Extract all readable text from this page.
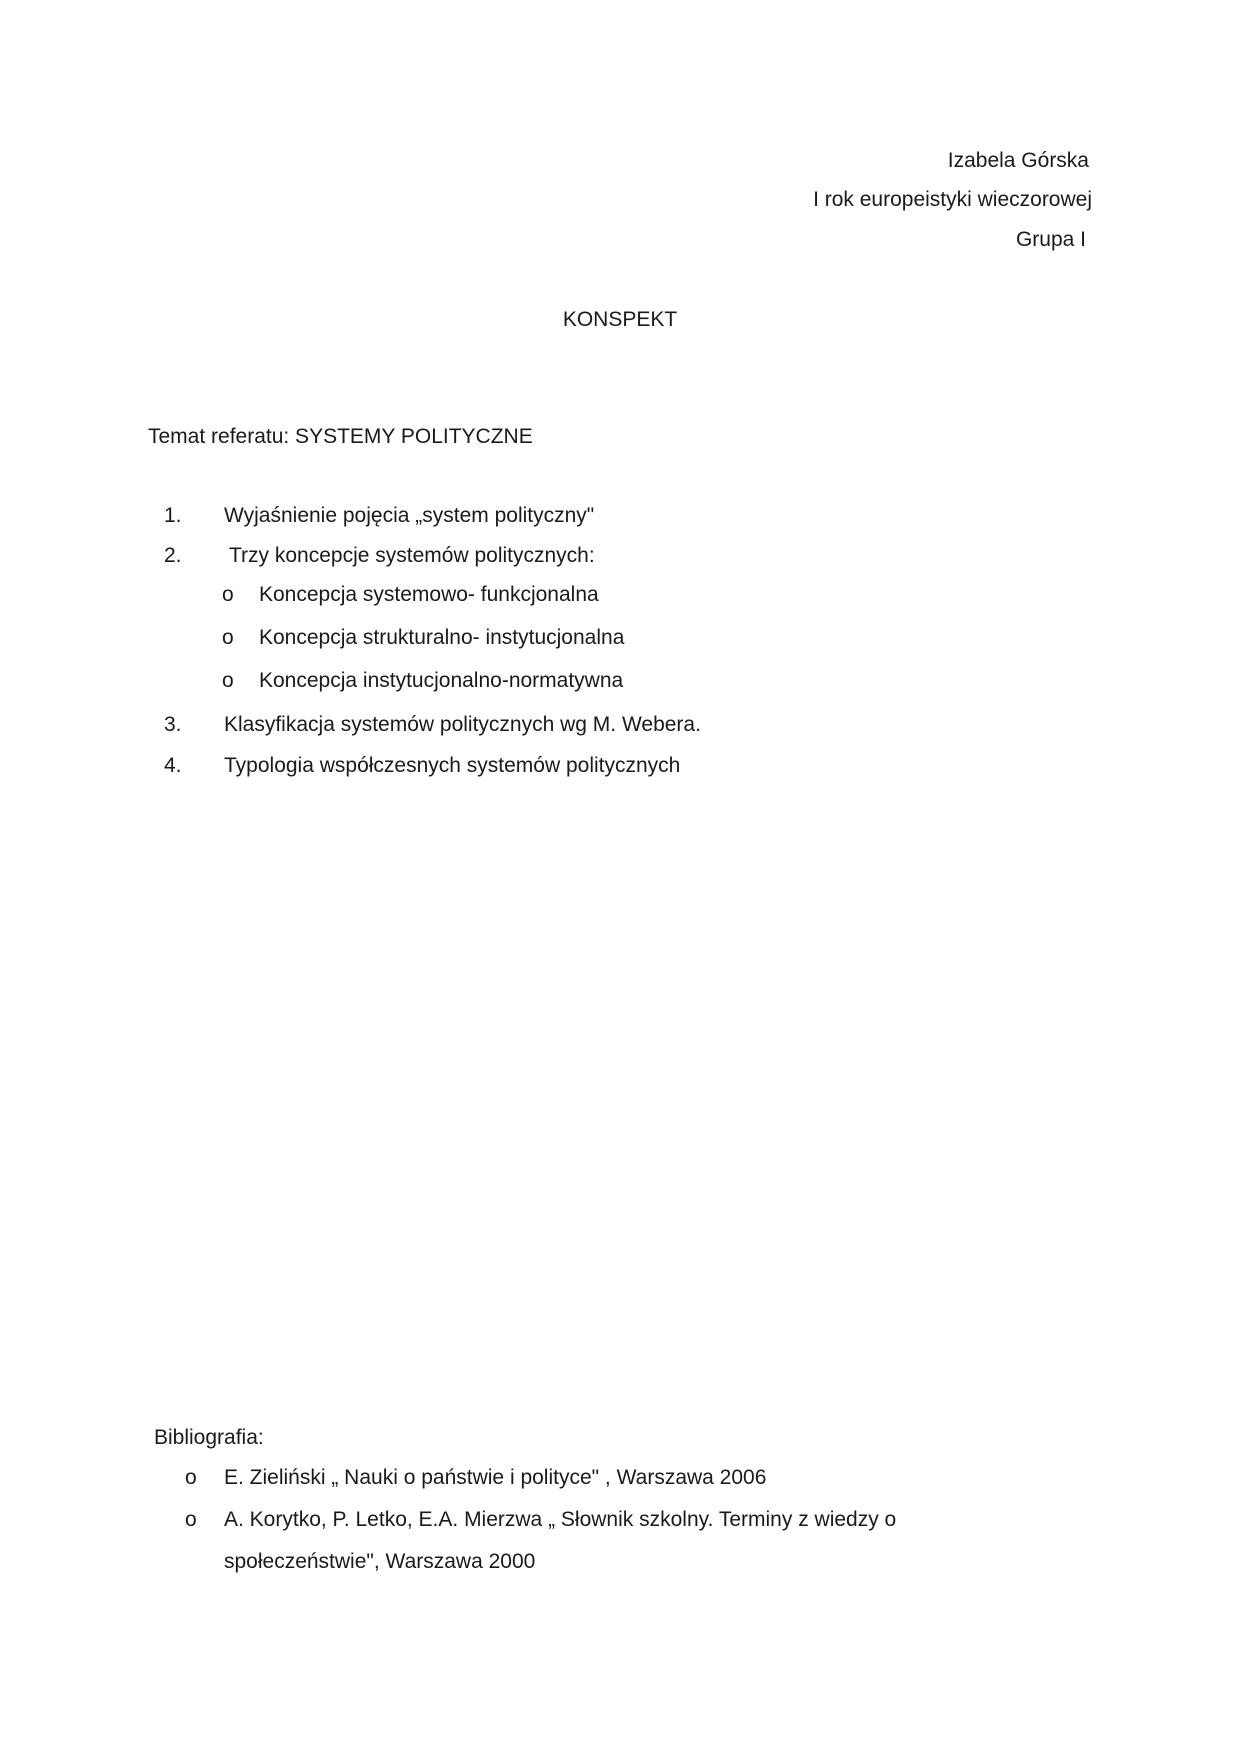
Izabela Górska
I rok europeistyki wieczorowej
Grupa I
KONSPEKT
Temat referatu: SYSTEMY POLITYCZNE
1. Wyjaśnienie pojęcia „system polityczny"
2. Trzy koncepcje systemów politycznych:
o Koncepcja systemowo- funkcjonalna
o Koncepcja strukturalno- instytucjonalna
o Koncepcja instytucjonalno-normatywna
3. Klasyfikacja systemów politycznych wg M. Webera.
4. Typologia współczesnych systemów politycznych
Bibliografia:
o E. Zieliński „ Nauki o państwie i polityce" , Warszawa 2006
o A. Korytko, P. Letko, E.A. Mierzwa „ Słownik szkolny. Terminy z wiedzy o
społeczeństwie", Warszawa 2000
